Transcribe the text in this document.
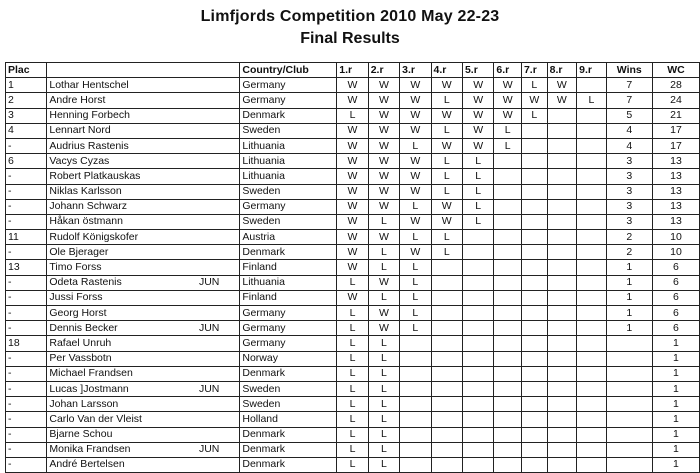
Limfjords Competition 2010 May 22-23
Final Results
Plac		Country/Club	1.r	2.r	3.r	4.r	5.r	6.r	7.r	8.r	9.r	Wins	WC
1	Lothar Hentschel	Germany	W	W	W	W	W	W	L	W		7	28
2	Andre Horst	Germany	W	W	W	L	W	W	W	W	L	7	24
3	Henning Forbech	Denmark	L	W	W	W	W	W	L			5	21
4	Lennart Nord	Sweden	W	W	W	L	W	L				4	17
-	Audrius Rastenis	Lithuania	W	W	L	W	W	L				4	17
6	Vacys Cyzas	Lithuania	W	W	W	L	L					3	13
-	Robert Platkauskas	Lithuania	W	W	W	L	L					3	13
-	Niklas Karlsson	Sweden	W	W	W	L	L					3	13
-	Johann Schwarz	Germany	W	W	L	W	L					3	13
-	Håkan östmann	Sweden	W	L	W	W	L					3	13
11	Rudolf Königskofer	Austria	W	W	L	L						2	10
-	Ole Bjerager	Denmark	W	L	W	L						2	10
13	Timo Forss	Finland	W	L	L							1	6
-	Odeta Rastenis JUN	Lithuania	L	W	L							1	6
-	Jussi Forss	Finland	W	L	L							1	6
-	Georg Horst	Germany	L	W	L							1	6
-	Dennis Becker JUN	Germany	L	W	L							1	6
18	Rafael Unruh	Germany	L	L									1
-	Per Vassbotn	Norway	L	L									1
-	Michael Frandsen	Denmark	L	L									1
-	Lucas ]Jostmann JUN	Sweden	L	L									1
-	Johan Larsson	Sweden	L	L									1
-	Carlo Van der Vleist	Holland	L	L									1
-	Bjarne Schou	Denmark	L	L									1
-	Monika Frandsen JUN	Denmark	L	L									1
-	André Bertelsen	Denmark	L	L									1
